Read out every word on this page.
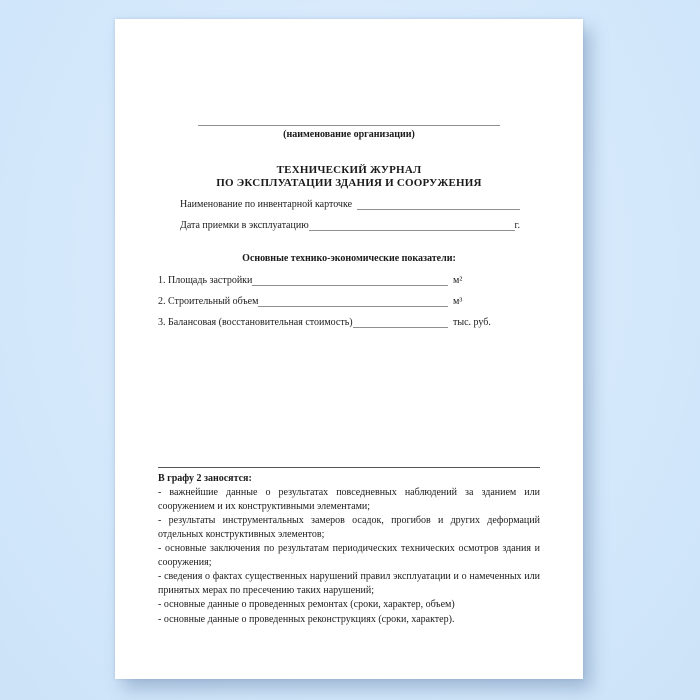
(наименование организации)
ТЕХНИЧЕСКИЙ ЖУРНАЛ
ПО ЭКСПЛУАТАЦИИ ЗДАНИЯ И СООРУЖЕНИЯ
Наименование по инвентарной карточке
Дата приемки в эксплуатацию	г.
Основные технико-экономические показатели:
1. Площадь застройки	м²
2. Строительный объем	м³
3. Балансовая (восстановительная стоимость)	тыс. руб.
В графу 2 заносятся:

- важнейшие данные о результатах повседневных наблюдений за зданием или сооружением и их конструктивными элементами;

- результаты инструментальных замеров осадок, прогибов и других деформаций отдельных конструктивных элементов;

- основные заключения по результатам периодических технических осмотров здания и сооружения;

- сведения о фактах существенных нарушений правил эксплуатации и о намеченных или принятых мерах по пресечению таких нарушений;

- основные данные о проведенных ремонтах (сроки, характер, объем)

- основные данные о проведенных реконструкциях (сроки, характер).
